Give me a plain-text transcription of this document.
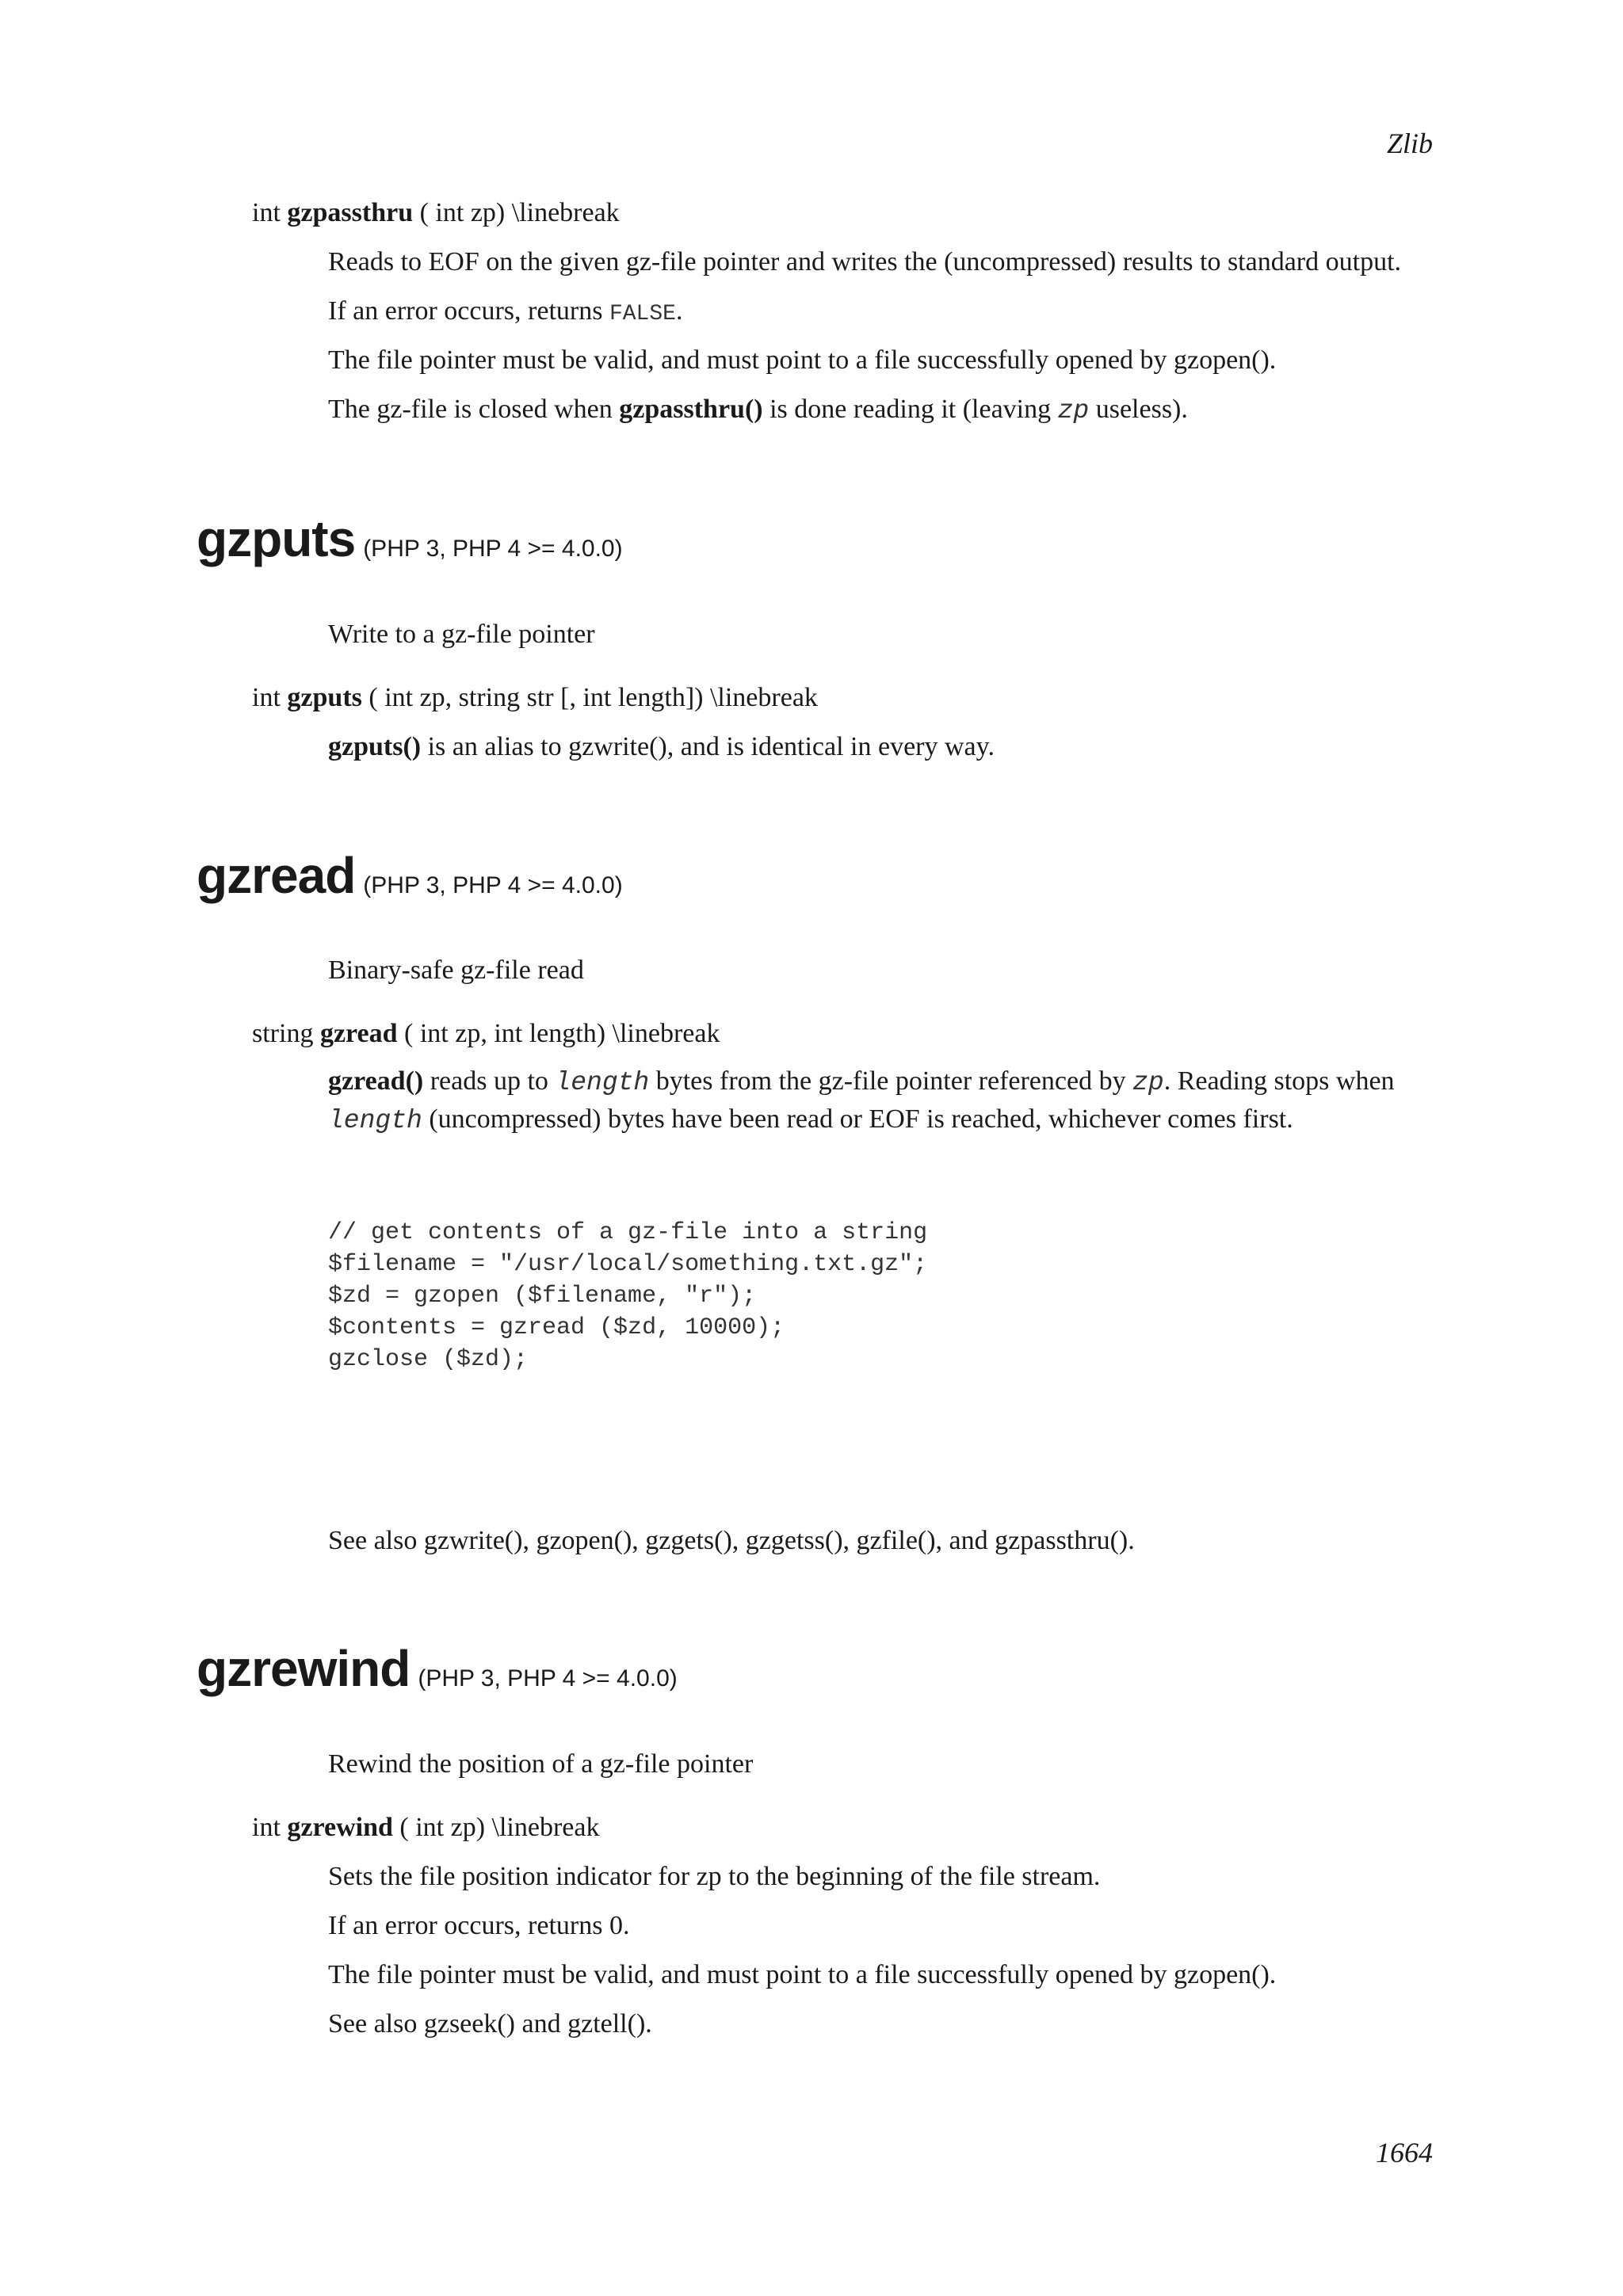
Zlib
int gzpassthru ( int zp) \linebreak
Reads to EOF on the given gz-file pointer and writes the (uncompressed) results to standard output.
If an error occurs, returns FALSE.
The file pointer must be valid, and must point to a file successfully opened by gzopen().
The gz-file is closed when gzpassthru() is done reading it (leaving zp useless).
gzputs (PHP 3, PHP 4 >= 4.0.0)
Write to a gz-file pointer
int gzputs ( int zp, string str [, int length]) \linebreak
gzputs() is an alias to gzwrite(), and is identical in every way.
gzread (PHP 3, PHP 4 >= 4.0.0)
Binary-safe gz-file read
string gzread ( int zp, int length) \linebreak
gzread() reads up to length bytes from the gz-file pointer referenced by zp. Reading stops when length (uncompressed) bytes have been read or EOF is reached, whichever comes first.
// get contents of a gz-file into a string
$filename = "/usr/local/something.txt.gz";
$zd = gzopen ($filename, "r");
$contents = gzread ($zd, 10000);
gzclose ($zd);
See also gzwrite(), gzopen(), gzgets(), gzgetss(), gzfile(), and gzpassthru().
gzrewind (PHP 3, PHP 4 >= 4.0.0)
Rewind the position of a gz-file pointer
int gzrewind ( int zp) \linebreak
Sets the file position indicator for zp to the beginning of the file stream.
If an error occurs, returns 0.
The file pointer must be valid, and must point to a file successfully opened by gzopen().
See also gzseek() and gztell().
1664
